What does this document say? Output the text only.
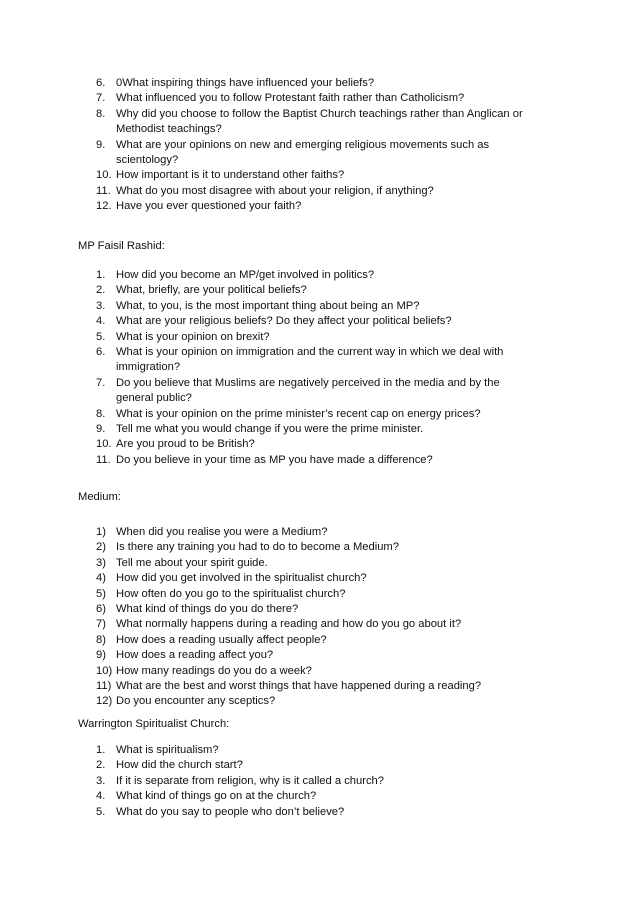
6. 0What inspiring things have influenced your beliefs?
7. What influenced you to follow Protestant faith rather than Catholicism?
8. Why did you choose to follow the Baptist Church teachings rather than Anglican or
Methodist teachings?
9. What are your opinions on new and emerging religious movements such as
scientology?
10. How important is it to understand other faiths?
11. What do you most disagree with about your religion, if anything?
12. Have you ever questioned your faith?
MP Faisil Rashid:
1. How did you become an MP/get involved in politics?
2. What, briefly, are your political beliefs?
3. What, to you, is the most important thing about being an MP?
4. What are your religious beliefs? Do they affect your political beliefs?
5. What is your opinion on brexit?
6. What is your opinion on immigration and the current way in which we deal with
immigration?
7. Do you believe that Muslims are negatively perceived in the media and by the
general public?
8. What is your opinion on the prime minister’s recent cap on energy prices?
9. Tell me what you would change if you were the prime minister.
10. Are you proud to be British?
11. Do you believe in your time as MP you have made a difference?
Medium:
1) When did you realise you were a Medium?
2) Is there any training you had to do to become a Medium?
3) Tell me about your spirit guide.
4) How did you get involved in the spiritualist church?
5) How often do you go to the spiritualist church?
6) What kind of things do you do there?
7) What normally happens during a reading and how do you go about it?
8) How does a reading usually affect people?
9) How does a reading affect you?
10) How many readings do you do a week?
11) What are the best and worst things that have happened during a reading?
12) Do you encounter any sceptics?
Warrington Spiritualist Church:
1. What is spiritualism?
2. How did the church start?
3. If it is separate from religion, why is it called a church?
4. What kind of things go on at the church?
5. What do you say to people who don’t believe?
